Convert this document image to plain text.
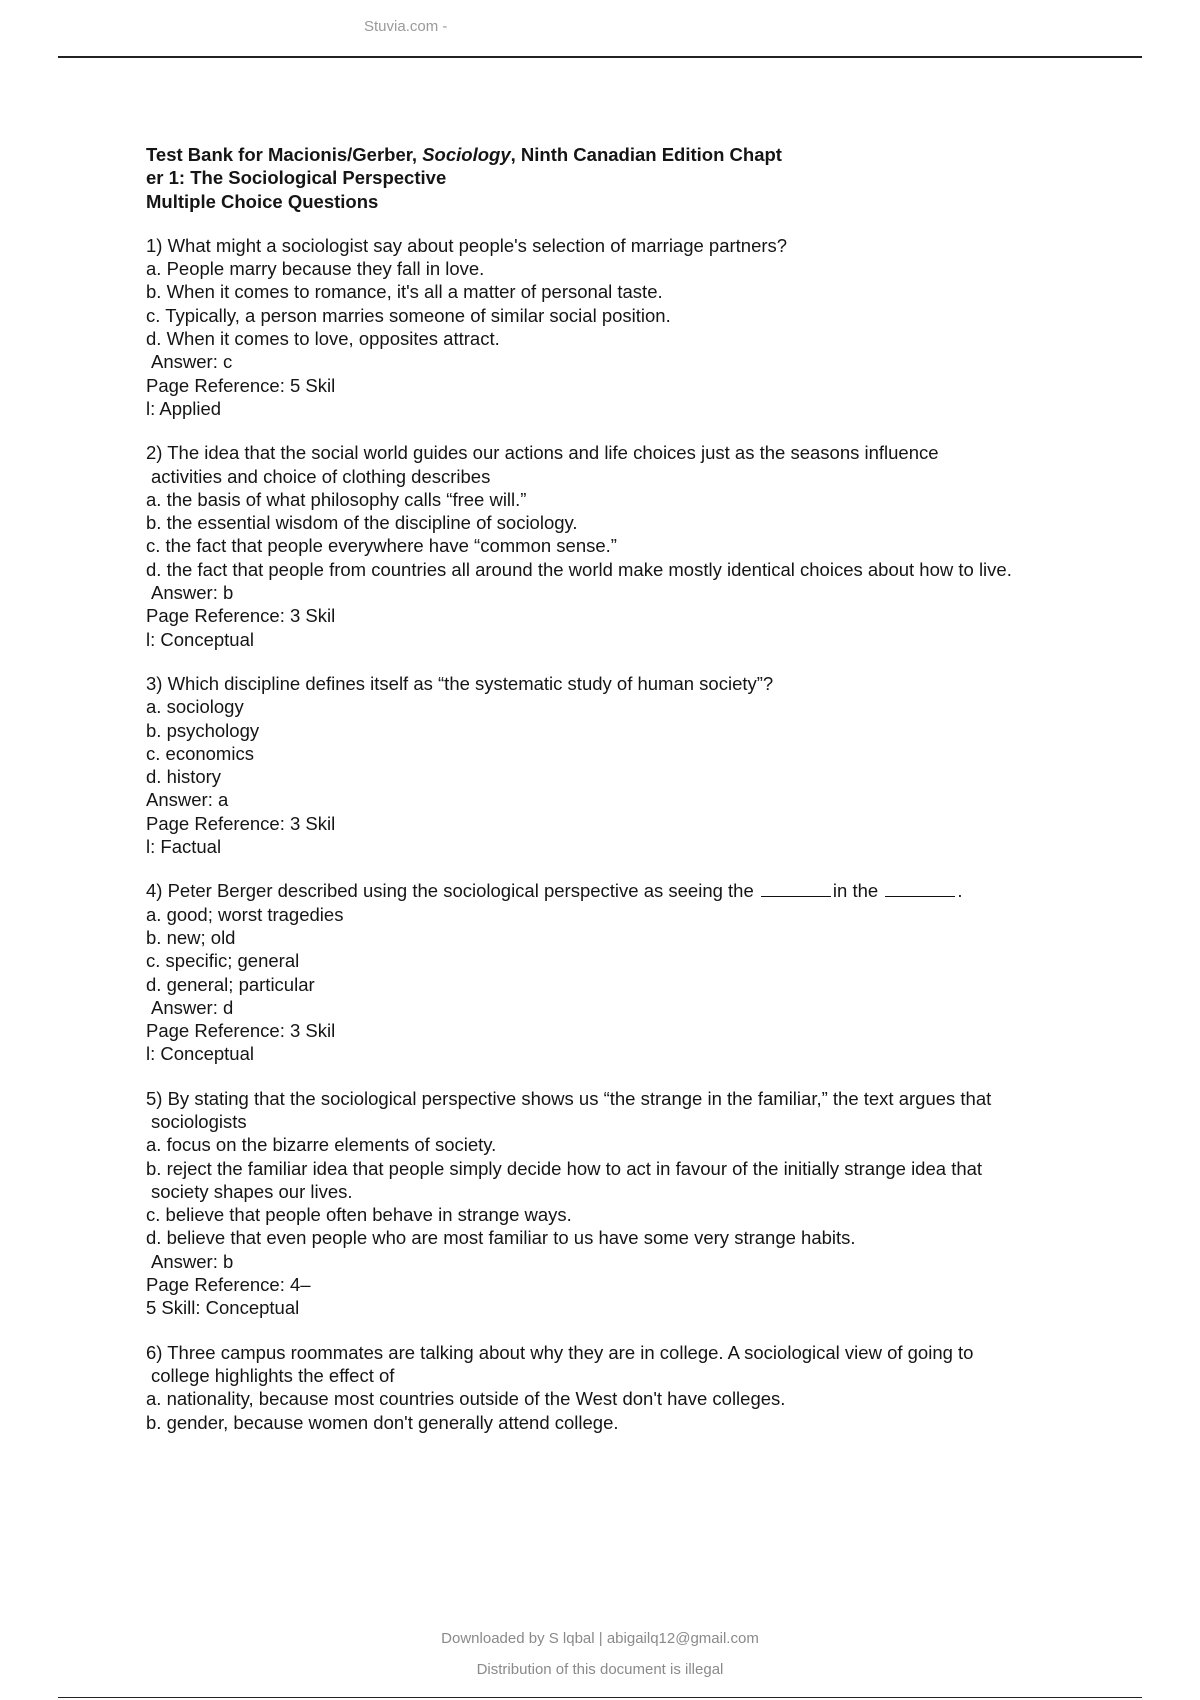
Stuvia.com -
Test Bank for Macionis/Gerber, Sociology, Ninth Canadian Edition Chapt
er 1: The Sociological Perspective
Multiple Choice Questions
1) What might a sociologist say about people's selection of marriage partners?
a. People marry because they fall in love.
b. When it comes to romance, it's all a matter of personal taste.
c. Typically, a person marries someone of similar social position.
d. When it comes to love, opposites attract.
Answer: c
Page Reference: 5 Skil
l: Applied
2) The idea that the social world guides our actions and life choices just as the seasons influence
activities and choice of clothing describes
a. the basis of what philosophy calls “free will.”
b. the essential wisdom of the discipline of sociology.
c. the fact that people everywhere have “common sense.”
d. the fact that people from countries all around the world make mostly identical choices about how to live.
Answer: b
Page Reference: 3 Skil
l: Conceptual
3) Which discipline defines itself as “the systematic study of human society”?
a. sociology
b. psychology
c. economics
d. history
Answer: a
Page Reference: 3 Skil
l: Factual
4) Peter Berger described using the sociological perspective as seeing the	in the	.
a. good; worst tragedies
b. new; old
c. specific; general
d. general; particular
Answer: d
Page Reference: 3 Skil
l: Conceptual
5) By stating that the sociological perspective shows us “the strange in the familiar,” the text argues that
sociologists
a. focus on the bizarre elements of society.
b. reject the familiar idea that people simply decide how to act in favour of the initially strange idea that
society shapes our lives.
c. believe that people often behave in strange ways.
d. believe that even people who are most familiar to us have some very strange habits.
Answer: b
Page Reference: 4–
5 Skill: Conceptual
6) Three campus roommates are talking about why they are in college. A sociological view of going to
college highlights the effect of
a. nationality, because most countries outside of the West don't have colleges.
b. gender, because women don't generally attend college.
Downloaded by S lqbal | abigailq12@gmail.com
Distribution of this document is illegal
